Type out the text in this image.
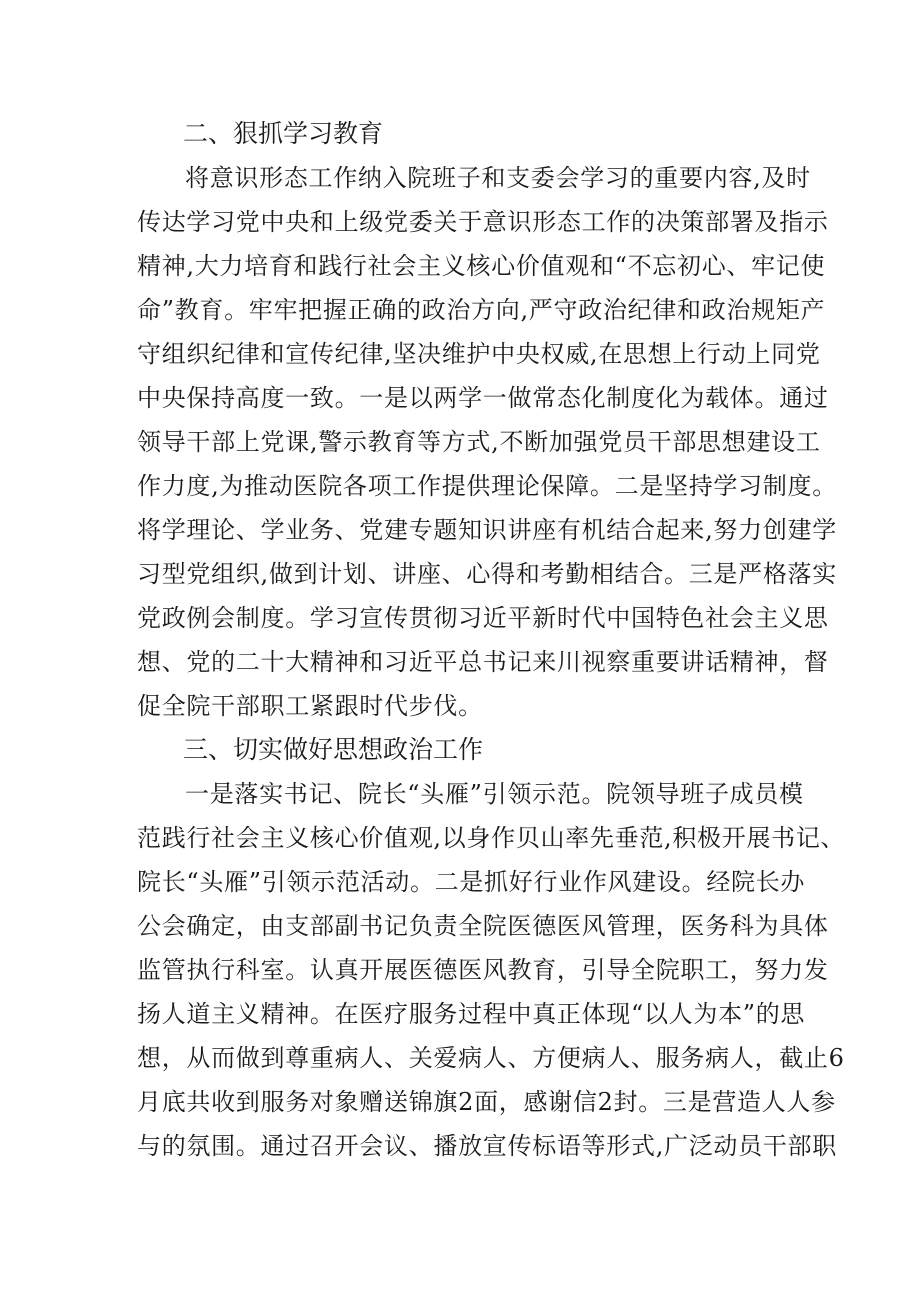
二、狠抓学习教育
将意识形态工作纳入院班子和支委会学习的重要内容,及时
传达学习党中央和上级党委关于意识形态工作的决策部署及指示
精神,大力培育和践行社会主义核心价值观和“不忘初心、牢记使
命”教育。牢牢把握正确的政治方向,严守政治纪律和政治规矩产
守组织纪律和宣传纪律,坚决维护中央权威,在思想上行动上同党
中央保持高度一致。一是以两学一做常态化制度化为载体。通过
领导干部上党课,警示教育等方式,不断加强党员干部思想建设工
作力度,为推动医院各项工作提供理论保障。二是坚持学习制度。
将学理论、学业务、党建专题知识讲座有机结合起来,努力创建学
习型党组织,做到计划、讲座、心得和考勤相结合。三是严格落实
党政例会制度。学习宣传贯彻习近平新时代中国特色社会主义思
想、党的二十大精神和习近平总书记来川视察重要讲话精神，督
促全院干部职工紧跟时代步伐。
三、切实做好思想政治工作
一是落实书记、院长“头雁”引领示范。院领导班子成员模
范践行社会主义核心价值观,以身作贝山率先垂范,积极开展书记、
院长“头雁”引领示范活动。二是抓好行业作风建设。经院长办
公会确定，由支部副书记负责全院医德医风管理，医务科为具体
监管执行科室。认真开展医德医风教育，引导全院职工，努力发
扬人道主义精神。在医疗服务过程中真正体现“以人为本”的思
想，从而做到尊重病人、关爱病人、方便病人、服务病人，截止6
月底共收到服务对象赠送锦旗2面，感谢信2封。三是营造人人参
与的氛围。通过召开会议、播放宣传标语等形式,广泛动员干部职
